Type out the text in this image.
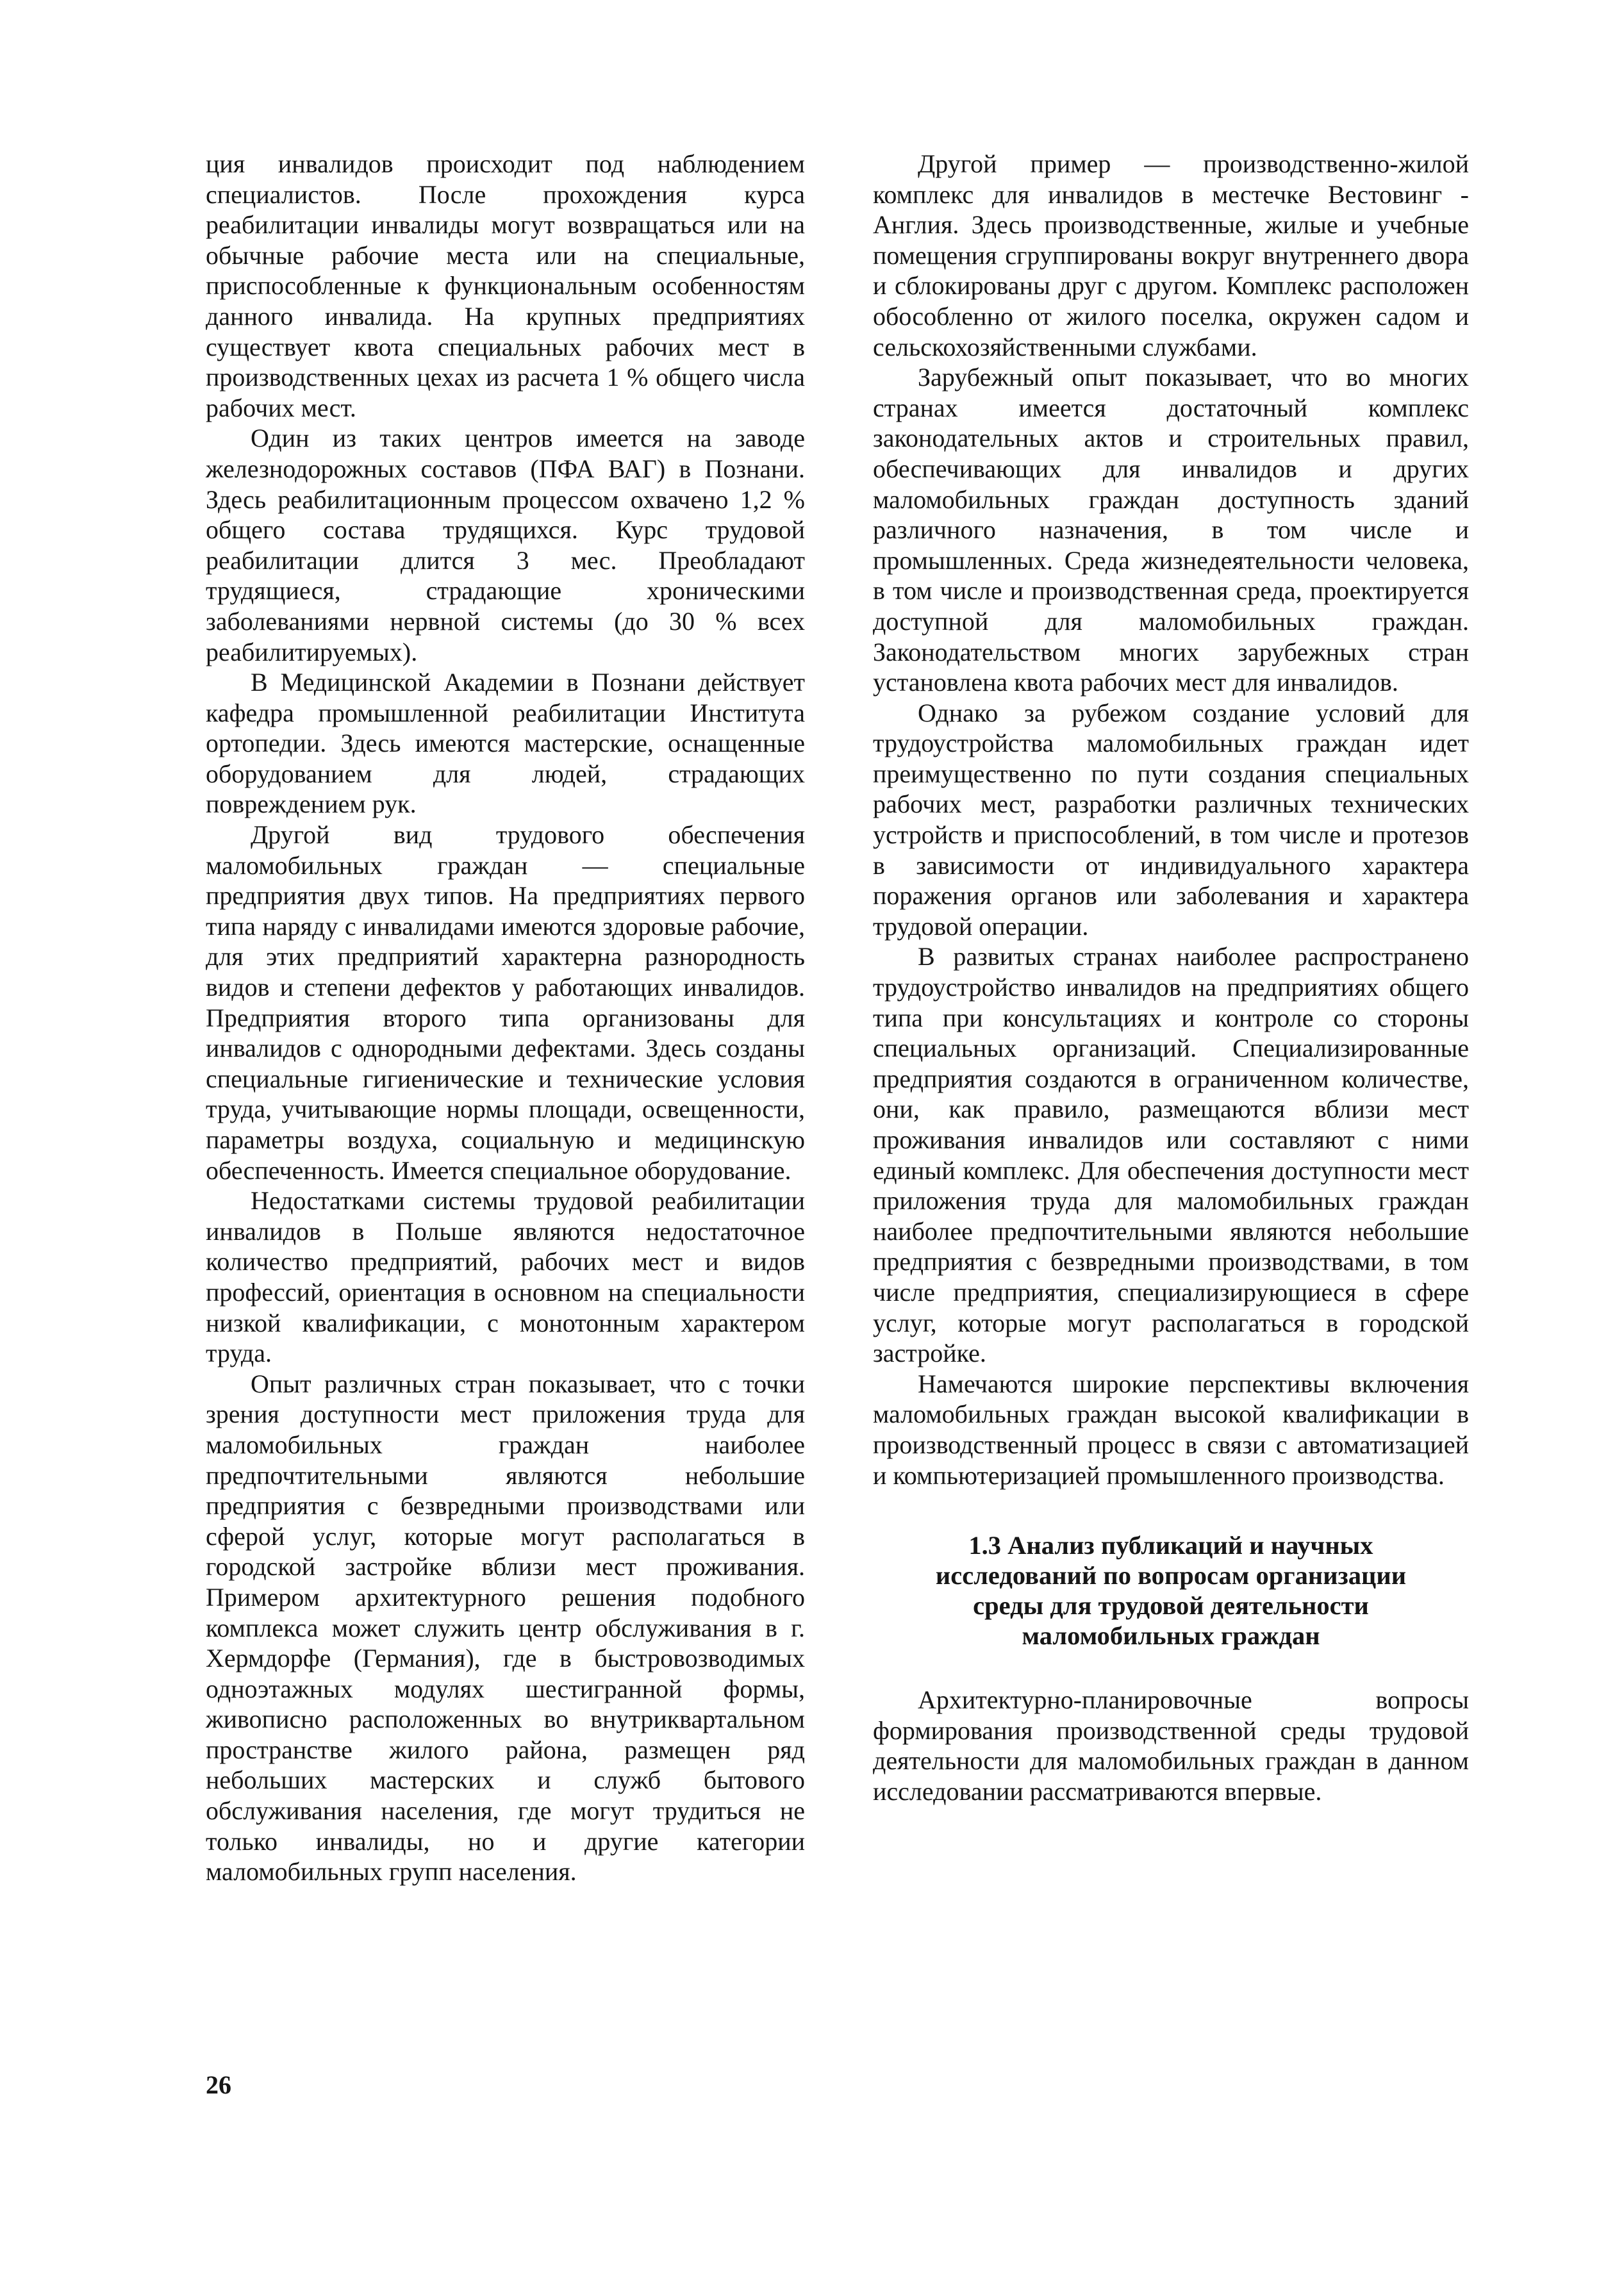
ция инвалидов происходит под наблюдением специалистов. После прохождения курса реабилитации инвалиды могут возвращаться или на обычные рабочие места или на специальные, приспособленные к функциональным особенностям данного инвалида. На крупных предприятиях существует квота специальных рабочих мест в производственных цехах из расчета 1 % общего числа рабочих мест.

Один из таких центров имеется на заводе железнодорожных составов (ПФА ВАГ) в Познани. Здесь реабилитационным процессом охвачено 1,2 % общего состава трудящихся. Курс трудовой реабилитации длится 3 мес. Преобладают трудящиеся, страдающие хроническими заболеваниями нервной системы (до 30 % всех реабилитируемых).

В Медицинской Академии в Познани действует кафедра промышленной реабилитации Института ортопедии. Здесь имеются мастерские, оснащенные оборудованием для людей, страдающих повреждением рук.

Другой вид трудового обеспечения маломобильных граждан — специальные предприятия двух типов. На предприятиях первого типа наряду с инвалидами имеются здоровые рабочие, для этих предприятий характерна разнородность видов и степени дефектов у работающих инвалидов. Предприятия второго типа организованы для инвалидов с однородными дефектами. Здесь созданы специальные гигиенические и технические условия труда, учитывающие нормы площади, освещенности, параметры воздуха, социальную и медицинскую обеспеченность. Имеется специальное оборудование.

Недостатками системы трудовой реабилитации инвалидов в Польше являются недостаточное количество предприятий, рабочих мест и видов профессий, ориентация в основном на специальности низкой квалификации, с монотонным характером труда.

Опыт различных стран показывает, что с точки зрения доступности мест приложения труда для маломобильных граждан наиболее предпочтительными являются небольшие предприятия с безвредными производствами или сферой услуг, которые могут располагаться в городской застройке вблизи мест проживания. Примером архитектурного решения подобного комплекса может служить центр обслуживания в г. Хермдорфе (Германия), где в быстровозводимых одноэтажных модулях шестигранной формы, живописно расположенных во внутриквартальном пространстве жилого района, размещен ряд небольших мастерских и служб бытового обслуживания населения, где могут трудиться не только инвалиды, но и другие категории маломобильных групп населения.

Другой пример — производственно-жилой комплекс для инвалидов в местечке Вестовинг - Англия. Здесь производственные, жилые и учебные помещения сгруппированы вокруг внутреннего двора и сблокированы друг с другом. Комплекс расположен обособленно от жилого поселка, окружен садом и сельскохозяйственными службами.

Зарубежный опыт показывает, что во многих странах имеется достаточный комплекс законодательных актов и строительных правил, обеспечивающих для инвалидов и других маломобильных граждан доступность зданий различного назначения, в том числе и промышленных. Среда жизнедеятельности человека, в том числе и производственная среда, проектируется доступной для маломобильных граждан. Законодательством многих зарубежных стран установлена квота рабочих мест для инвалидов.

Однако за рубежом создание условий для трудоустройства маломобильных граждан идет преимущественно по пути создания специальных рабочих мест, разработки различных технических устройств и приспособлений, в том числе и протезов в зависимости от индивидуального характера поражения органов или заболевания и характера трудовой операции.

В развитых странах наиболее распространено трудоустройство инвалидов на предприятиях общего типа при консультациях и контроле со стороны специальных организаций. Специализированные предприятия создаются в ограниченном количестве, они, как правило, размещаются вблизи мест проживания инвалидов или составляют с ними единый комплекс. Для обеспечения доступности мест приложения труда для маломобильных граждан наиболее предпочтительными являются небольшие предприятия с безвредными производствами, в том числе предприятия, специализирующиеся в сфере услуг, которые могут располагаться в городской застройке.

Намечаются широкие перспективы включения маломобильных граждан высокой квалификации в производственный процесс в связи с автоматизацией и компьютеризацией промышленного производства.

1.3 Анализ публикаций и научных
исследований по вопросам организации
среды для трудовой деятельности
маломобильных граждан

Архитектурно-планировочные вопросы формирования производственной среды трудовой деятельности для маломобильных граждан в данном исследовании рассматриваются впервые.

26
